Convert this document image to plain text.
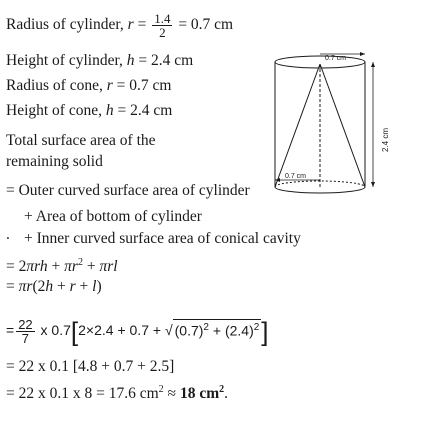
Radius of cylinder, $r = \frac{1.4}{2} = 0.7$ cm
Height of cylinder, h = 2.4 cm
Radius of cone, r = 0.7 cm
Height of cone, h = 2.4 cm
Total surface area of the
remaining solid
0.7 cm
0.7 cm
2.4 cm
= Outer curved surface area of cylinder
+ Area of bottom of cylinder
. + Inner curved surface area of conical cavity
= $2\pi rh + \pi r^2 + \pi rl$
= πr(2h + r + l)
= $\frac{22}{7}$ x 0.7[2×2.4 + 0.7 + √ $(0.7)^2 + (2.4)^2$]
= 22 x 0.1 [4.8 + 0.7 + 2.5]
= 22 x 0.1 x 8 = 17.6 $cm^2 \approx 18$ $cm^2$.
